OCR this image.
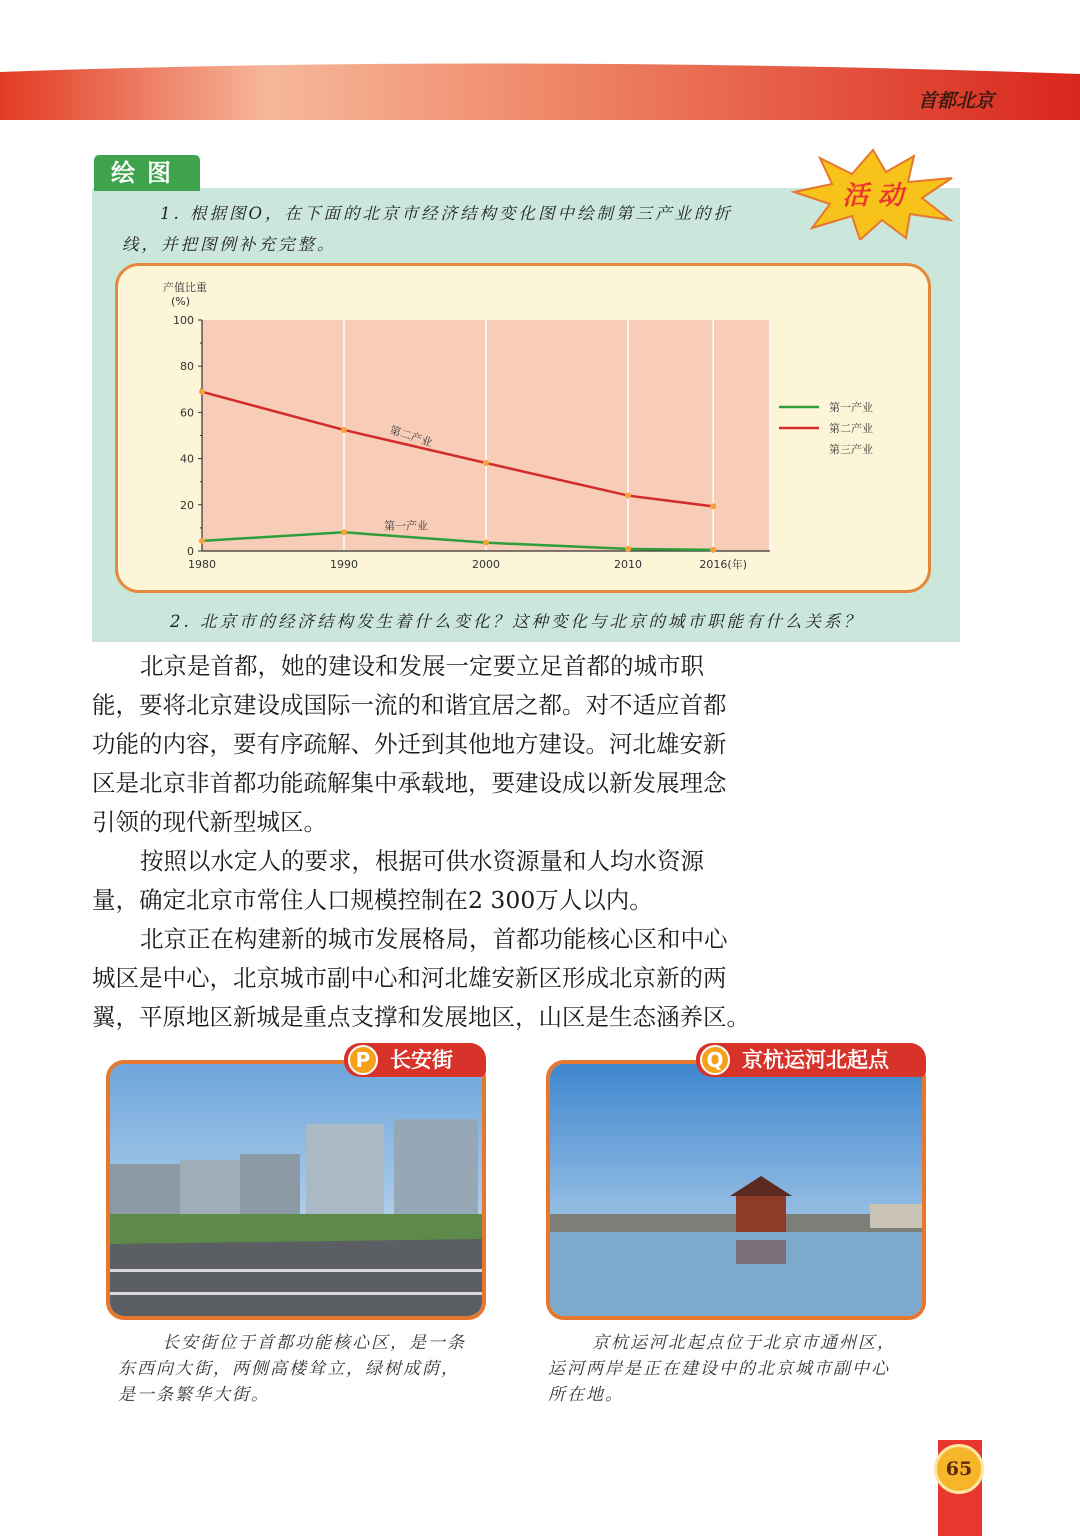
首都北京
绘图
活 动
1. 根据图O，在下面的北京市经济结构变化图中绘制第三产业的折
线，并把图例补充完整。
产值比重
(%)
0
20
40
60
80
100
1980	1990	2000	2010	2016(年)
第一产业
第二产业
第一产业
第二产业
第三产业
2. 北京市的经济结构发生着什么变化？这种变化与北京的城市职能有什么关系？
北京是首都，她的建设和发展一定要立足首都的城市职
能，要将北京建设成国际一流的和谐宜居之都。对不适应首都
功能的内容，要有序疏解、外迁到其他地方建设。河北雄安新
区是北京非首都功能疏解集中承载地，要建设成以新发展理念
引领的现代新型城区。
按照以水定人的要求，根据可供水资源量和人均水资源
量，确定北京市常住人口规模控制在2 300万人以内。
北京正在构建新的城市发展格局，首都功能核心区和中心
城区是中心，北京城市副中心和河北雄安新区形成北京新的两
翼，平原地区新城是重点支撑和发展地区，山区是生态涵养区。
P 长安街
长安街位于首都功能核心区，是一条
东西向大街，两侧高楼耸立，绿树成荫，
是一条繁华大街。
Q 京杭运河北起点
京杭运河北起点位于北京市通州区，
运河两岸是正在建设中的北京城市副中心
所在地。
65
